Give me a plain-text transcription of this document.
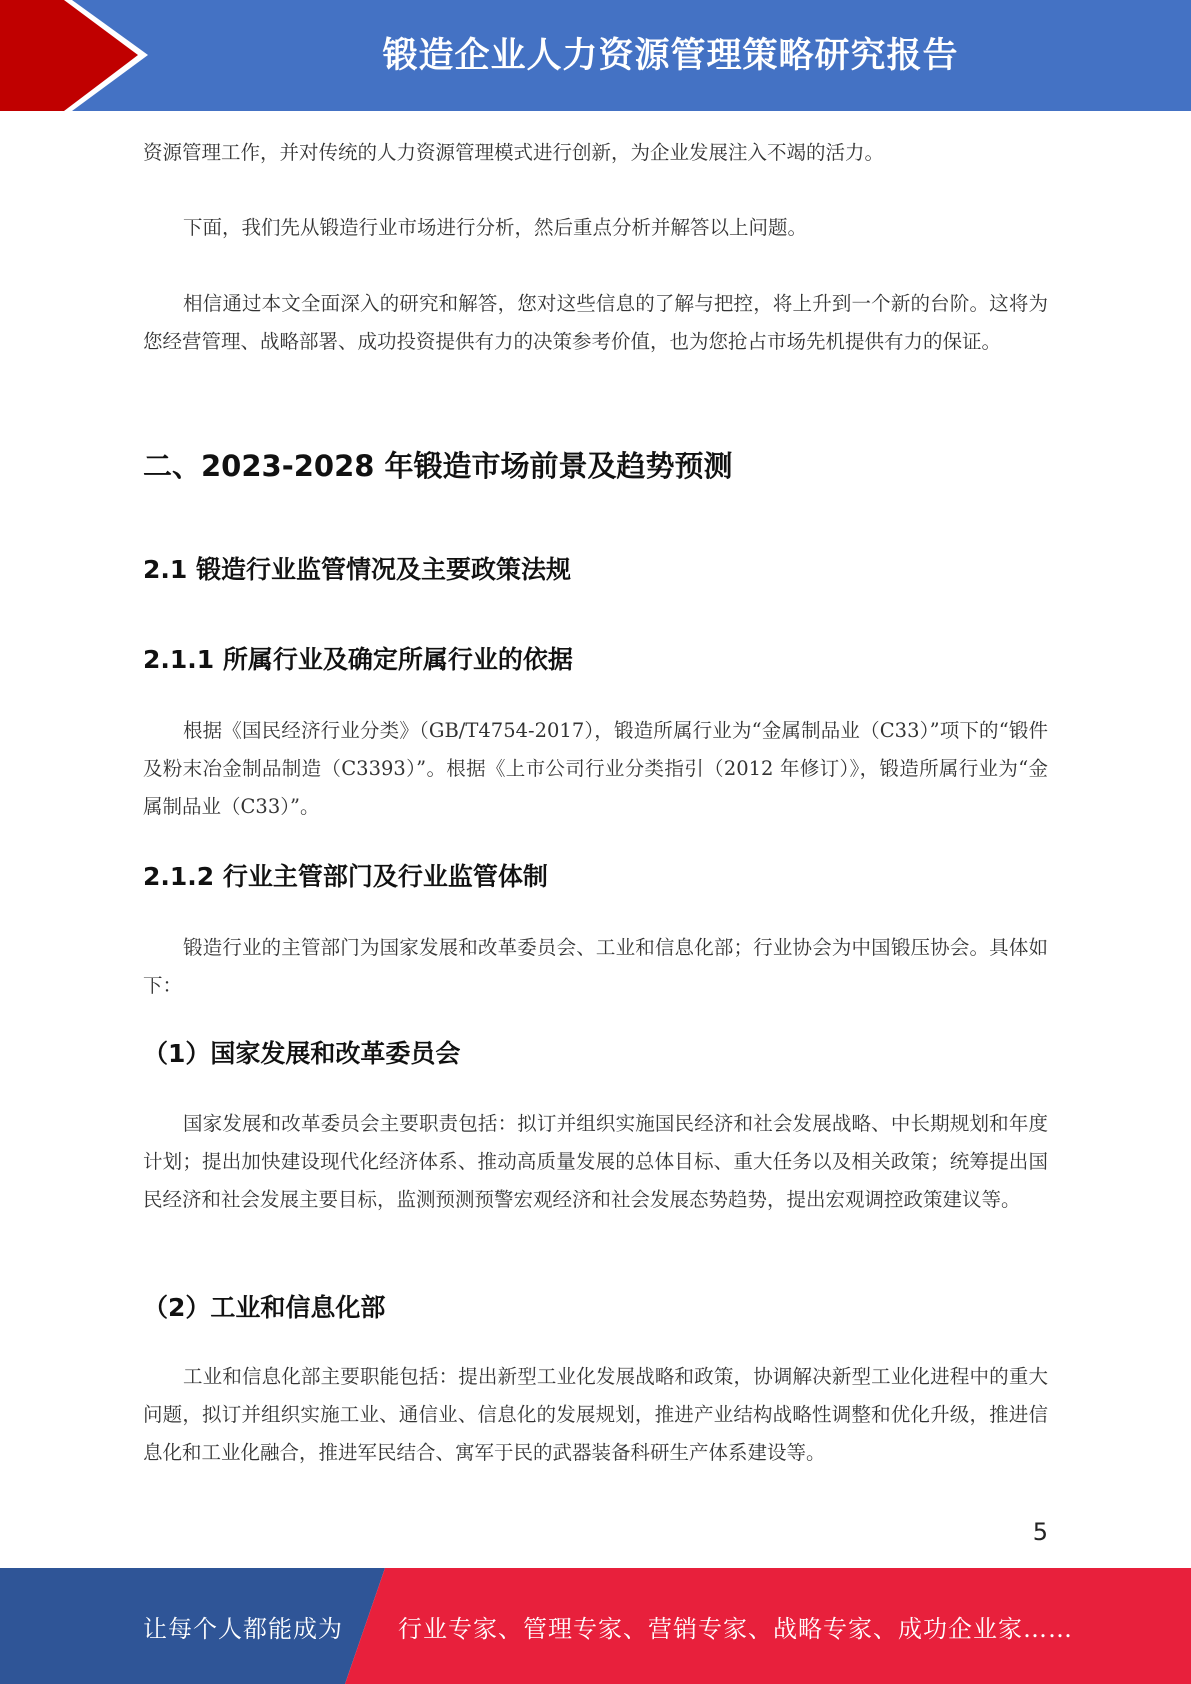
锻造企业人力资源管理策略研究报告

资源管理工作，并对传统的人力资源管理模式进行创新，为企业发展注入不竭的活力。

下面，我们先从锻造行业市场进行分析，然后重点分析并解答以上问题。

相信通过本文全面深入的研究和解答，您对这些信息的了解与把控，将上升到一个新的台阶。这将为您经营管理、战略部署、成功投资提供有力的决策参考价值，也为您抢占市场先机提供有力的保证。

二、2023-2028 年锻造市场前景及趋势预测
2.1 锻造行业监管情况及主要政策法规
2.1.1 所属行业及确定所属行业的依据

根据《国民经济行业分类》（GB/T4754-2017），锻造所属行业为“金属制品业（C33）”项下的“锻件及粉末冶金制品制造（C3393）”。根据《上市公司行业分类指引（2012 年修订）》，锻造所属行业为“金属制品业（C33）”。

2.1.2 行业主管部门及行业监管体制

锻造行业的主管部门为国家发展和改革委员会、工业和信息化部；行业协会为中国锻压协会。具体如下：

（1）国家发展和改革委员会

国家发展和改革委员会主要职责包括：拟订并组织实施国民经济和社会发展战略、中长期规划和年度计划；提出加快建设现代化经济体系、推动高质量发展的总体目标、重大任务以及相关政策；统筹提出国民经济和社会发展主要目标，监测预测预警宏观经济和社会发展态势趋势，提出宏观调控政策建议等。

（2）工业和信息化部

工业和信息化部主要职能包括：提出新型工业化发展战略和政策，协调解决新型工业化进程中的重大问题，拟订并组织实施工业、通信业、信息化的发展规划，推进产业结构战略性调整和优化升级，推进信息化和工业化融合，推进军民结合、寓军于民的武器装备科研生产体系建设等。

5
让每个人都能成为 行业专家、管理专家、营销专家、战略专家、成功企业家……
